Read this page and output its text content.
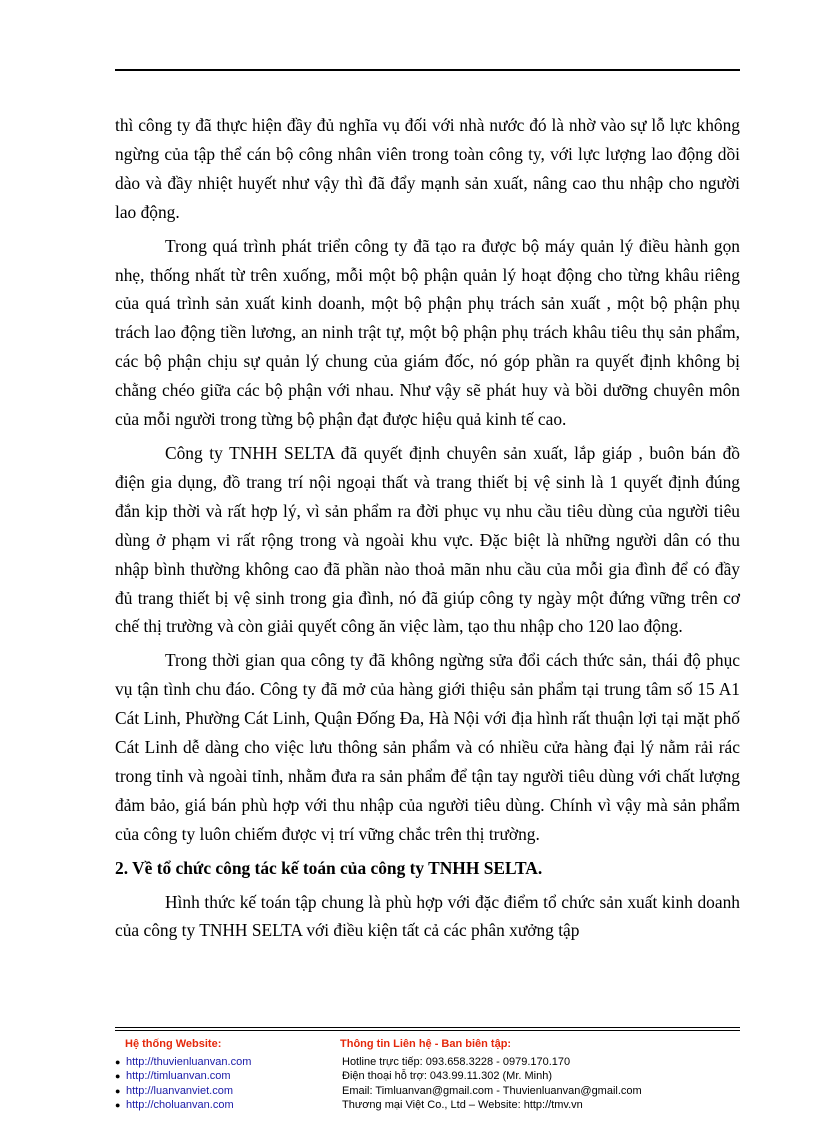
thì công ty đã thực hiện đầy đủ nghĩa vụ đối với nhà nước đó là nhờ vào sự lỗ lực không ngừng của tập thể cán bộ công nhân viên trong toàn công ty, với lực lượng lao động dồi dào và đầy nhiệt huyết như vậy thì đã đẩy mạnh sản xuất, nâng cao thu nhập cho người lao động.

Trong quá trình phát triển công ty đã tạo ra được bộ máy quản lý điều hành gọn nhẹ, thống nhất từ trên xuống, mỗi một bộ phận quản lý hoạt động cho từng khâu riêng của quá trình sản xuất kinh doanh, một bộ phận phụ trách sản xuất , một bộ phận phụ trách lao động tiền lương, an ninh trật tự, một bộ phận phụ trách khâu tiêu thụ sản phẩm, các bộ phận chịu sự quản lý chung của giám đốc, nó góp phần ra quyết định không bị chằng chéo giữa các bộ phận với nhau. Như vậy sẽ phát huy và bồi dưỡng chuyên môn của mỗi người trong từng bộ phận đạt được hiệu quả kinh tế cao.

Công ty TNHH SELTA đã quyết định chuyên sản xuất, lắp giáp , buôn bán đồ điện gia dụng, đồ trang trí nội ngoại thất và trang thiết bị vệ sinh là 1 quyết định đúng đắn kịp thời và rất hợp lý, vì sản phẩm ra đời phục vụ nhu cầu tiêu dùng của người tiêu dùng ở phạm vi rất rộng trong và ngoài khu vực. Đặc biệt là những người dân có thu nhập bình thường không cao đã phần nào thoả mãn nhu cầu của mỗi gia đình để có đầy đủ trang thiết bị vệ sinh trong gia đình, nó đã giúp công ty ngày một đứng vững trên cơ chế thị trường và còn giải quyết công ăn việc làm, tạo thu nhập cho 120 lao động.

Trong thời gian qua công ty đã không ngừng sửa đổi cách thức sản, thái độ phục vụ tận tình chu đáo. Công ty đã mở của hàng giới thiệu sản phẩm tại trung tâm số 15 A1 Cát Linh, Phường Cát Linh, Quận Đống Đa, Hà Nội với địa hình rất thuận lợi tại mặt phố Cát Linh dễ dàng cho việc lưu thông sản phẩm và có nhiều cửa hàng đại lý nằm rải rác trong tỉnh và ngoài tỉnh, nhằm đưa ra sản phẩm để tận tay người tiêu dùng với chất lượng đảm bảo, giá bán phù hợp với thu nhập của người tiêu dùng. Chính vì vậy mà sản phẩm của công ty luôn chiếm được vị trí vững chắc trên thị trường.

2. Về tổ chức công tác kế toán của công ty TNHH SELTA.

Hình thức kế toán tập chung là phù hợp với đặc điểm tổ chức sản xuất kinh doanh của công ty TNHH SELTA với điều kiện tất cả các phân xưởng tập

Hệ thống Website:
● http://thuvienluanvan.com
● http://timluanvan.com
● http://luanvanviet.com
● http://choluanvan.com
Thông tin Liên hệ - Ban biên tập:
Hotline trực tiếp: 093.658.3228 - 0979.170.170
Điện thoại hỗ trợ: 043.99.11.302 (Mr. Minh)
Email: Timluanvan@gmail.com - Thuvienluanvan@gmail.com
Thương mại Việt Co., Ltd – Website: http://tmv.vn
